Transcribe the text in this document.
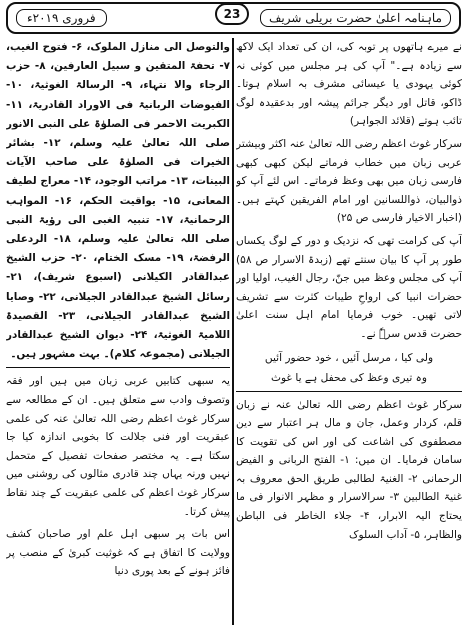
فروری ۲۰۱۹ء	ماہنامہ اعلیٰ حضرت بریلی شریف
23

نے میرے ہاتھوں پر توبہ کی، ان کی تعداد ایک لاکھ سے زیادہ ہے۔" آپ کی ہر مجلس میں کوئی نہ کوئی یہودی یا عیسائی مشرف بہ اسلام ہوتا۔ ڈاکو، قاتل اور دیگر جرائم پیشہ اور بدعقیدہ لوگ تائب ہوتے (قلائد الجواہر)

سرکار غوث اعظم رضی اللہ تعالیٰ عنہ اکثر وبیشتر عربی زبان میں خطاب فرماتے لیکن کبھی کبھی فارسی زبان میں بھی وعظ فرماتے۔ اس لئے آپ کو ذوالبیان، ذواللسانین اور امام الفریقین کہتے ہیں۔ (اخبار الاخیار فارسی ص ۲۵)

آپ کی کرامت تھی کہ نزدیک و دور کے لوگ یکساں طور پر آپ کا بیان سنتے تھے (زبدۃ الاسرار ص ۵۸) آپ کی مجلس وعظ میں جنّ، رجال الغیب، اولیا اور حضرات انبیا کی ارواحِ طیبات کثرت سے تشریف لاتی تھیں۔ خوب فرمایا امام اہل سنت اعلیٰ حضرت قدس سرہٗ نے۔

ولی کیا ، مرسل آئیں ، خود حضور آئیں

وہ تیری وعظ کی محفل ہے یا غوث

سرکار غوث اعظم رضی اللہ تعالیٰ عنہ نے زبان قلم، کردار وعمل، جان و مال ہر اعتبار سے دین مصطفوی کی اشاعت کی اور اس کی تقویت کا سامان فرمایا۔ ان میں: ۱- الفتح الربانی و الفیض الرحمانی ۲- الغنیۃ لطالبی طریق الحق معروف بہ غنیۃ الطالبین ۳- سرالاسرار و مظہر الانوار فی ما یحتاج الیہ الابرار، ۴- جلاء الخاطر فی الباطن والظاہر، ۵- آداب السلوک

والتوصل الی منازل الملوک، ۶- فتوح الغیب، ۷- تحفۃ المتقین و سبیل العارفین، ۸- حزب الرجاء والا نتہاء، ۹- الرسالۃ الغوثیۃ، ۱۰- الفیوضات الربانیۃ فی الاوراد القادریۃ، ۱۱- الکبریت الاحمر فی الصلوٰۃ علی النبی الانور صلی اللہ تعالیٰ علیہ وسلم، ۱۲- بشائر الخیرات فی الصلوٰۃ علی صاحب الآیات البینات، ۱۳- مراتب الوجود، ۱۴- معراج لطیف المعانی، ۱۵- یواقیت الحکم، ۱۶- المواہب الرحمانیۃ، ۱۷- تنبیہ الغبی الی رؤیۃ النبی صلی اللہ تعالیٰ علیہ وسلم، ۱۸- الردعلی الرفضۃ، ۱۹- مسک الختام، ۲۰- حزب الشیخ عبدالقادر الکیلانی (اسبوع شریف)، ۲۱- رسائل الشیخ عبدالقادر الجیلانی، ۲۲- وصایا الشیخ عبدالقادر الجیلانی، ۲۳- القصیدۃ اللامیۃ الغوثیۃ، ۲۴- دیوان الشیخ عبدالقادر الجیلانی (مجموعہ کلام)۔ بہت مشہور ہیں۔

یہ سبھی کتابیں عربی زبان میں ہیں اور فقہ وتصوف وادب سے متعلق ہیں۔ ان کے مطالعہ سے سرکار غوث اعظم رضی اللہ تعالیٰ عنہ کی علمی عبقریت اور فنی جلالت کا بخوبی اندازہ کیا جا سکتا ہے۔ یہ مختصر صفحات تفصیل کے متحمل نہیں ورنہ یہاں چند قادری مثالوں کی روشنی میں سرکار غوث اعظم کی علمی عبقریت کے چند نقاط پیش کرتا۔

اس بات پر سبھی اہل علم اور صاحبان کشف وولایت کا اتفاق ہے کہ غوثیت کبریٰ کے منصب پر فائز ہونے کے بعد پوری دنیا
